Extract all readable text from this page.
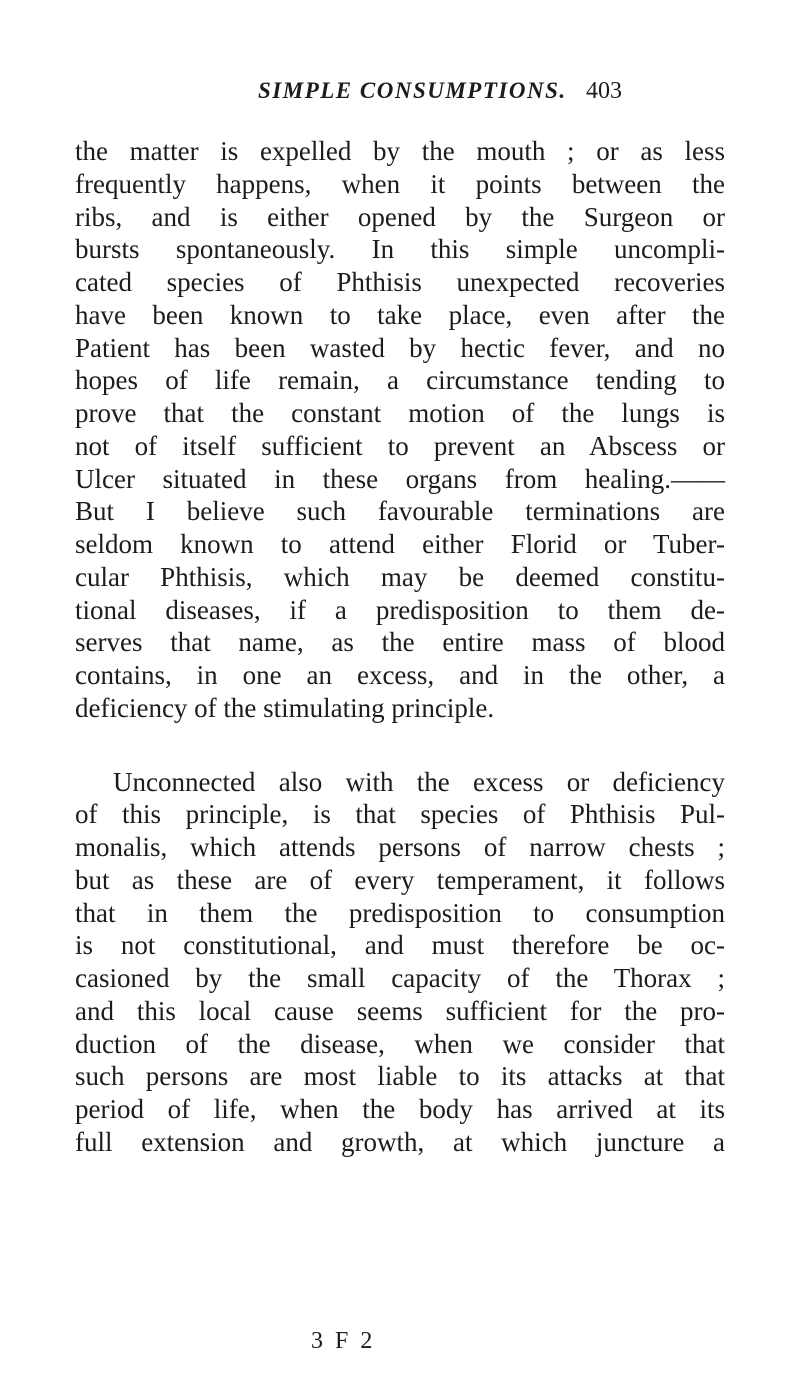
SIMPLE CONSUMPTIONS. 403
the matter is expelled by the mouth ; or as less
frequently happens, when it points between the
ribs, and is either opened by the Surgeon or
bursts spontaneously. In this simple uncompli-
cated species of Phthisis unexpected recoveries
have been known to take place, even after the
Patient has been wasted by hectic fever, and no
hopes of life remain, a circumstance tending to
prove that the constant motion of the lungs is
not of itself sufficient to prevent an Abscess or
Ulcer situated in these organs from healing.——
But I believe such favourable terminations are
seldom known to attend either Florid or Tuber-
cular Phthisis, which may be deemed constitu-
tional diseases, if a predisposition to them de-
serves that name, as the entire mass of blood
contains, in one an excess, and in the other, a
deficiency of the stimulating principle.
Unconnected also with the excess or deficiency
of this principle, is that species of Phthisis Pul-
monalis, which attends persons of narrow chests ;
but as these are of every temperament, it follows
that in them the predisposition to consumption
is not constitutional, and must therefore be oc-
casioned by the small capacity of the Thorax ;
and this local cause seems sufficient for the pro-
duction of the disease, when we consider that
such persons are most liable to its attacks at that
period of life, when the body has arrived at its
full extension and growth, at which juncture a
3 F 2
